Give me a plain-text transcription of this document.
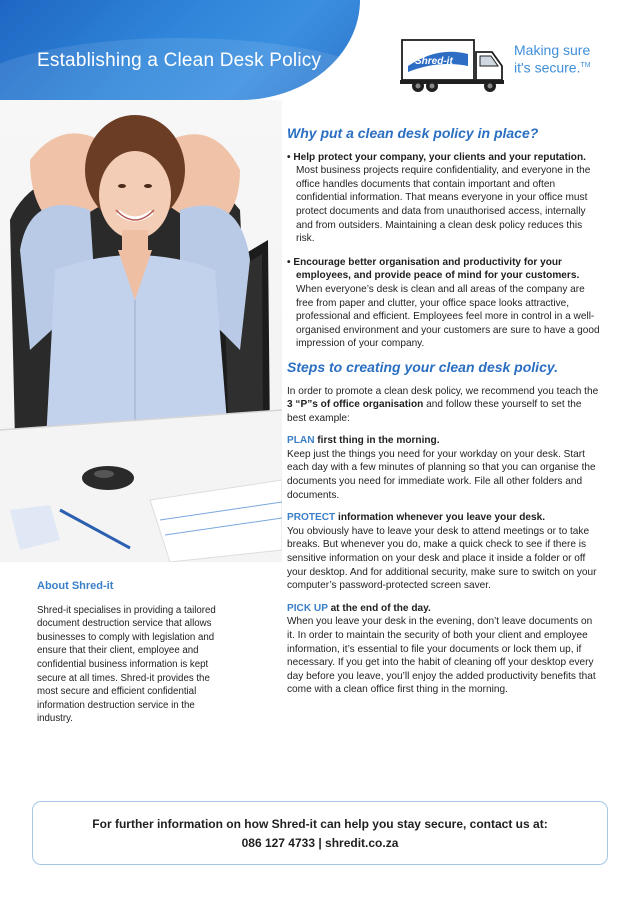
Establishing a Clean Desk Policy	Shred-it
Making sure
it's secure.™
About Shred-it

Shred-it specialises in providing a tailored document destruction service that allows businesses to comply with legislation and ensure that their client, employee and confidential business information is kept secure at all times. Shred-it provides the most secure and efficient confidential information destruction service in the industry.

Why put a clean desk policy in place?
• Help protect your company, your clients and your reputation.
Most business projects require confidentiality, and everyone in the office handles documents that contain important and often confidential information. That means everyone in your office must protect documents and data from unauthorised access, internally and from outsiders. Maintaining a clean desk policy reduces this risk.
• Encourage better organisation and productivity for your employees, and provide peace of mind for your customers.
When everyone’s desk is clean and all areas of the company are free from paper and clutter, your office space looks attractive, professional and efficient. Employees feel more in control in a well-organised environment and your customers are sure to have a good impression of your company.
Steps to creating your clean desk policy.

In order to promote a clean desk policy, we recommend you teach the 3 “P”s of office organisation and follow these yourself to set the best example:

PLAN first thing in the morning.
Keep just the things you need for your workday on your desk. Start each day with a few minutes of planning so that you can organise the documents you need for immediate work. File all other folders and documents.

PROTECT information whenever you leave your desk.
You obviously have to leave your desk to attend meetings or to take breaks. But whenever you do, make a quick check to see if there is sensitive information on your desk and place it inside a folder or off your desktop. And for additional security, make sure to switch on your computer’s password-protected screen saver.

PICK UP at the end of the day.
When you leave your desk in the evening, don’t leave documents on it. In order to maintain the security of both your client and employee information, it’s essential to file your documents or lock them up, if necessary. If you get into the habit of cleaning off your desktop every day before you leave, you’ll enjoy the added productivity benefits that come with a clean office first thing in the morning.

For further information on how Shred-it can help you stay secure, contact us at:
086 127 4733 | shredit.co.za
